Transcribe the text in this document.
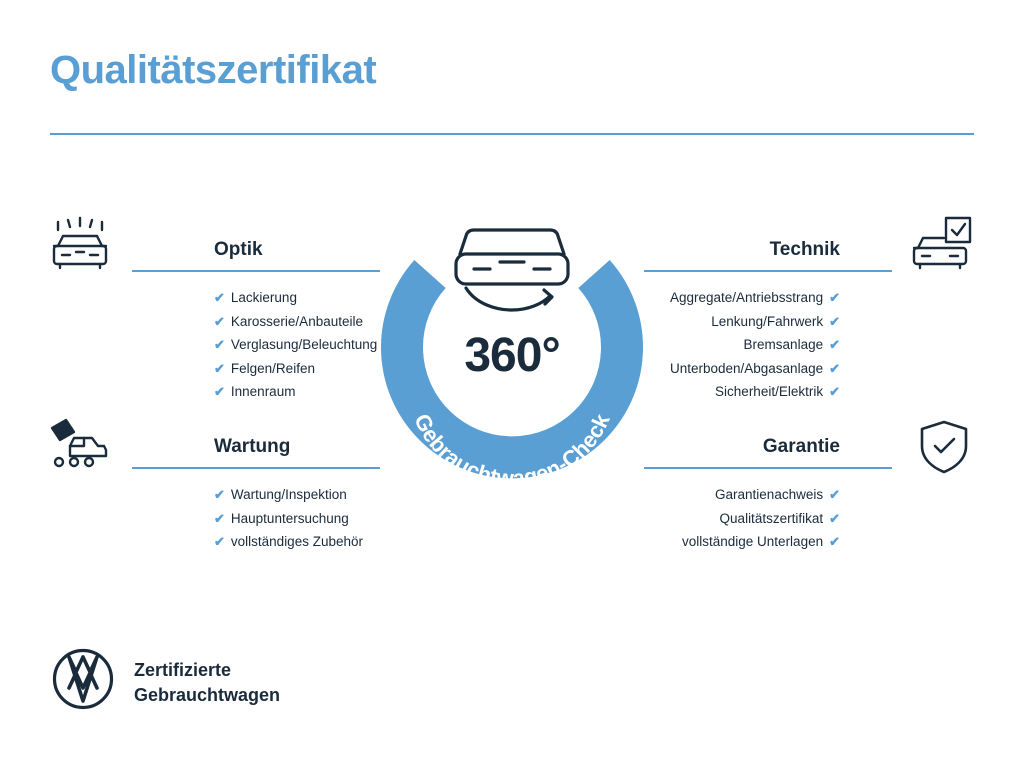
Qualitätszertifikat
Optik
✔ Lackierung
✔ Karosserie/Anbauteile
✔ Verglasung/Beleuchtung
✔ Felgen/Reifen
✔ Innenraum
Wartung
✔ Wartung/Inspektion
✔ Hauptuntersuchung
✔ vollständiges Zubehör
Technik
Aggregate/Antriebsstrang ✔
Lenkung/Fahrwerk ✔
Bremsanlage ✔
Unterboden/Abgasanlage ✔
Sicherheit/Elektrik ✔
Garantie
Garantienachweis ✔
Qualitätszertifikat ✔
vollständige Unterlagen ✔
Gebrauchtwagen-Check
360°
Zertifizierte
Gebrauchtwagen
